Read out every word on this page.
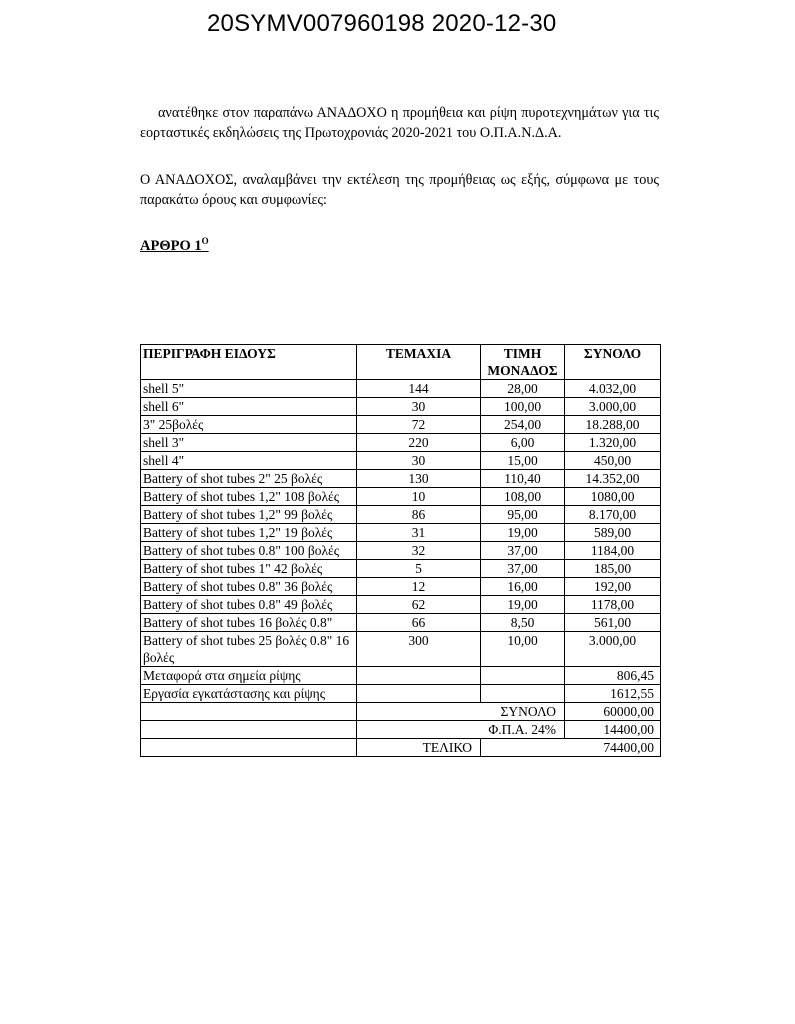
20SYMV007960198 2020-12-30
ανατέθηκε στον παραπάνω ΑΝΑΔΟΧΟ η προμήθεια και ρίψη πυροτεχνημάτων για τις εορταστικές εκδηλώσεις της Πρωτοχρονιάς 2020-2021 του Ο.Π.Α.Ν.Δ.Α.
Ο ΑΝΑΔΟΧΟΣ, αναλαμβάνει την εκτέλεση της προμήθειας ως εξής, σύμφωνα με τους παρακάτω όρους και συμφωνίες:
ΑΡΘΡΟ $1^O$
ΠΕΡΙΓΡΑΦΗ ΕΙΔΟΥΣ	ΤΕΜΑΧΙΑ	ΤΙΜΗ ΜΟΝΑΔΟΣ	ΣΥΝΟΛΟ
shell 5"	144	28,00	4.032,00
shell 6"	30	100,00	3.000,00
3" 25βολές	72	254,00	18.288,00
shell 3"	220	6,00	1.320,00
shell 4"	30	15,00	450,00
Battery of shot tubes 2" 25 βολές	130	110,40	14.352,00
Battery of shot tubes 1,2" 108 βολές	10	108,00	1080,00
Battery of shot tubes 1,2" 99 βολές	86	95,00	8.170,00
Battery of shot tubes 1,2" 19 βολές	31	19,00	589,00
Battery of shot tubes 0.8" 100 βολές	32	37,00	1184,00
Battery of shot tubes 1" 42 βολές	5	37,00	185,00
Battery of shot tubes 0.8" 36 βολές	12	16,00	192,00
Battery of shot tubes 0.8" 49 βολές	62	19,00	1178,00
Battery of shot tubes 16 βολές 0.8"	66	8,50	561,00
Battery of shot tubes 25 βολές 0.8" 16 βολές	300	10,00	3.000,00
Μεταφορά στα σημεία ρίψης			806,45
Εργασία εγκατάστασης και ρίψης			1612,55
	ΣΥΝΟΛΟ		60000,00
	Φ.Π.Α. 24%		14400,00
	ΤΕΛΙΚΟ	74400,00	
